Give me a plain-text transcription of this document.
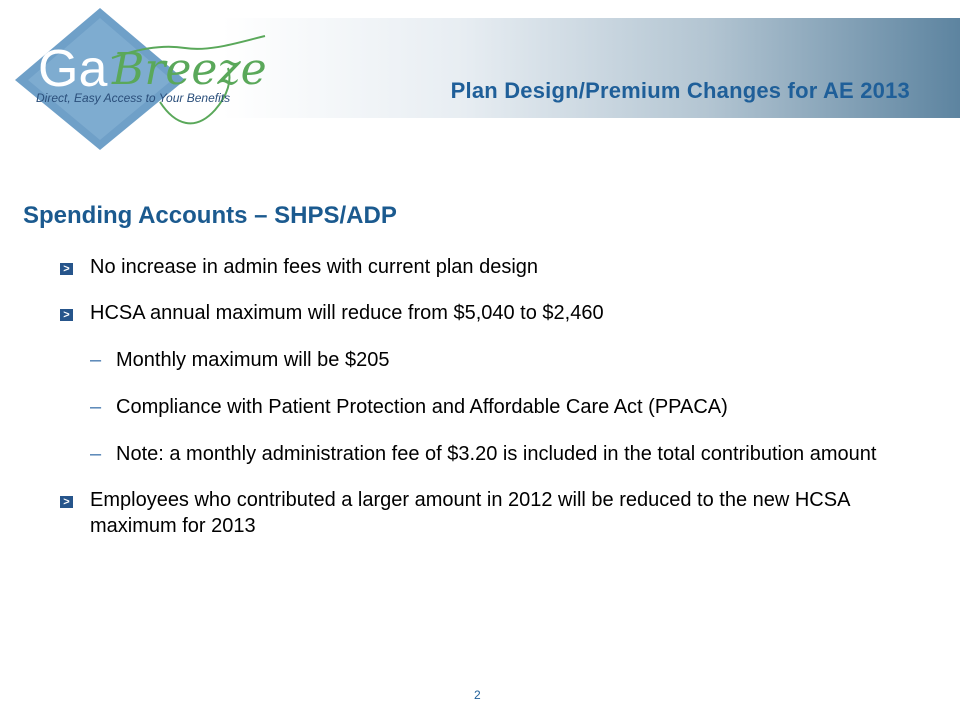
Ga Breeze
Direct, Easy Access to Your Benefits	Plan Design/Premium Changes for AE 2013
Spending Accounts – SHPS/ADP
> No increase in admin fees with current plan design
> HCSA annual maximum will reduce from $5,040 to $2,460
– Monthly maximum will be $205
– Compliance with Patient Protection and Affordable Care Act (PPACA)
– Note: a monthly administration fee of $3.20 is included in the total contribution amount
> Employees who contributed a larger amount in 2012 will be reduced to the new HCSA maximum for 2013
2
